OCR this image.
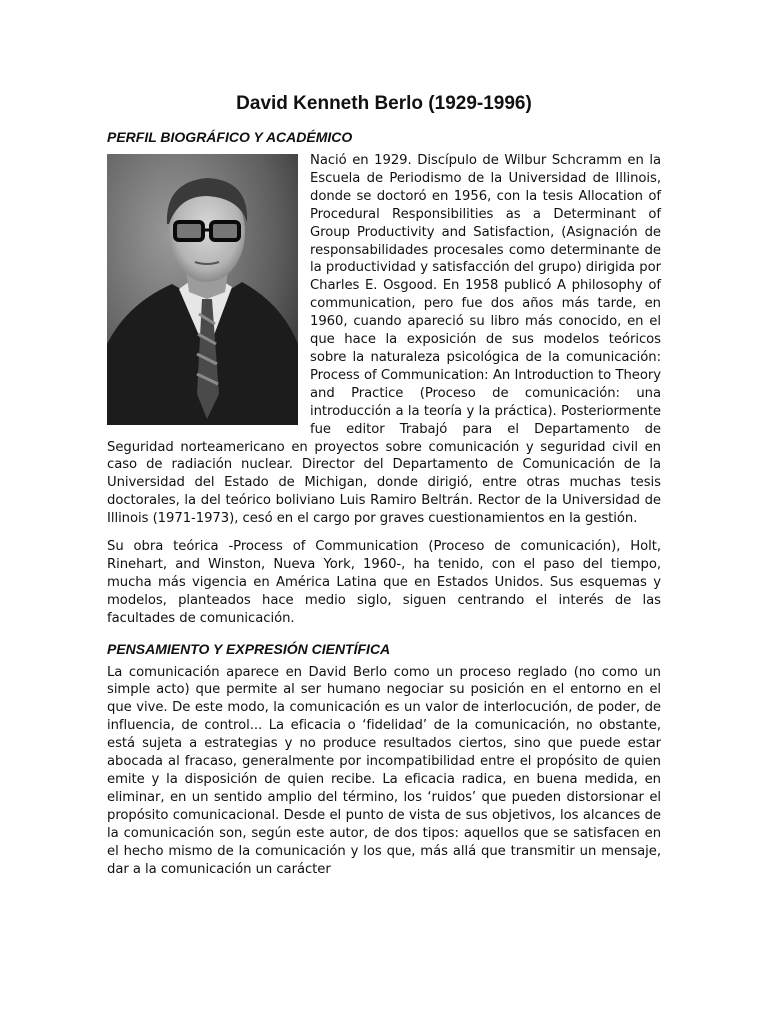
David Kenneth Berlo (1929-1996)
PERFIL BIOGRÁFICO Y ACADÉMICO

Nació en 1929. Discípulo de Wilbur Schcramm en la Escuela de Periodismo de la Universidad de Illinois, donde se doctoró en 1956, con la tesis Allocation of Procedural Responsibilities as a Determinant of Group Productivity and Satisfaction, (Asignación de responsabilidades procesales como determinante de la productividad y satisfacción del grupo) dirigida por Charles E. Osgood. En 1958 publicó A philosophy of communication, pero fue dos años más tarde, en 1960, cuando apareció su libro más conocido, en el que hace la exposición de sus modelos teóricos sobre la naturaleza psicológica de la comunicación: Process of Communication: An Introduction to Theory and Practice (Proceso de comunicación: una introducción a la teoría y la práctica). Posteriormente fue editor Trabajó para el Departamento de Seguridad norteamericano en proyectos sobre comunicación y seguridad civil en caso de radiación nuclear. Director del Departamento de Comunicación de la Universidad del Estado de Michigan, donde dirigió, entre otras muchas tesis doctorales, la del teórico boliviano Luis Ramiro Beltrán. Rector de la Universidad de Illinois (1971-1973), cesó en el cargo por graves cuestionamientos en la gestión.

Su obra teórica -Process of Communication (Proceso de comunicación), Holt, Rinehart, and Winston, Nueva York, 1960-, ha tenido, con el paso del tiempo, mucha más vigencia en América Latina que en Estados Unidos. Sus esquemas y modelos, planteados hace medio siglo, siguen centrando el interés de las facultades de comunicación.

PENSAMIENTO Y EXPRESIÓN CIENTÍFICA

La comunicación aparece en David Berlo como un proceso reglado (no como un simple acto) que permite al ser humano negociar su posición en el entorno en el que vive. De este modo, la comunicación es un valor de interlocución, de poder, de influencia, de control... La eficacia o ‘fidelidad’ de la comunicación, no obstante, está sujeta a estrategias y no produce resultados ciertos, sino que puede estar abocada al fracaso, generalmente por incompatibilidad entre el propósito de quien emite y la disposición de quien recibe. La eficacia radica, en buena medida, en eliminar, en un sentido amplio del término, los ‘ruidos’ que pueden distorsionar el propósito comunicacional. Desde el punto de vista de sus objetivos, los alcances de la comunicación son, según este autor, de dos tipos: aquellos que se satisfacen en el hecho mismo de la comunicación y los que, más allá que transmitir un mensaje, dar a la comunicación un carácter
